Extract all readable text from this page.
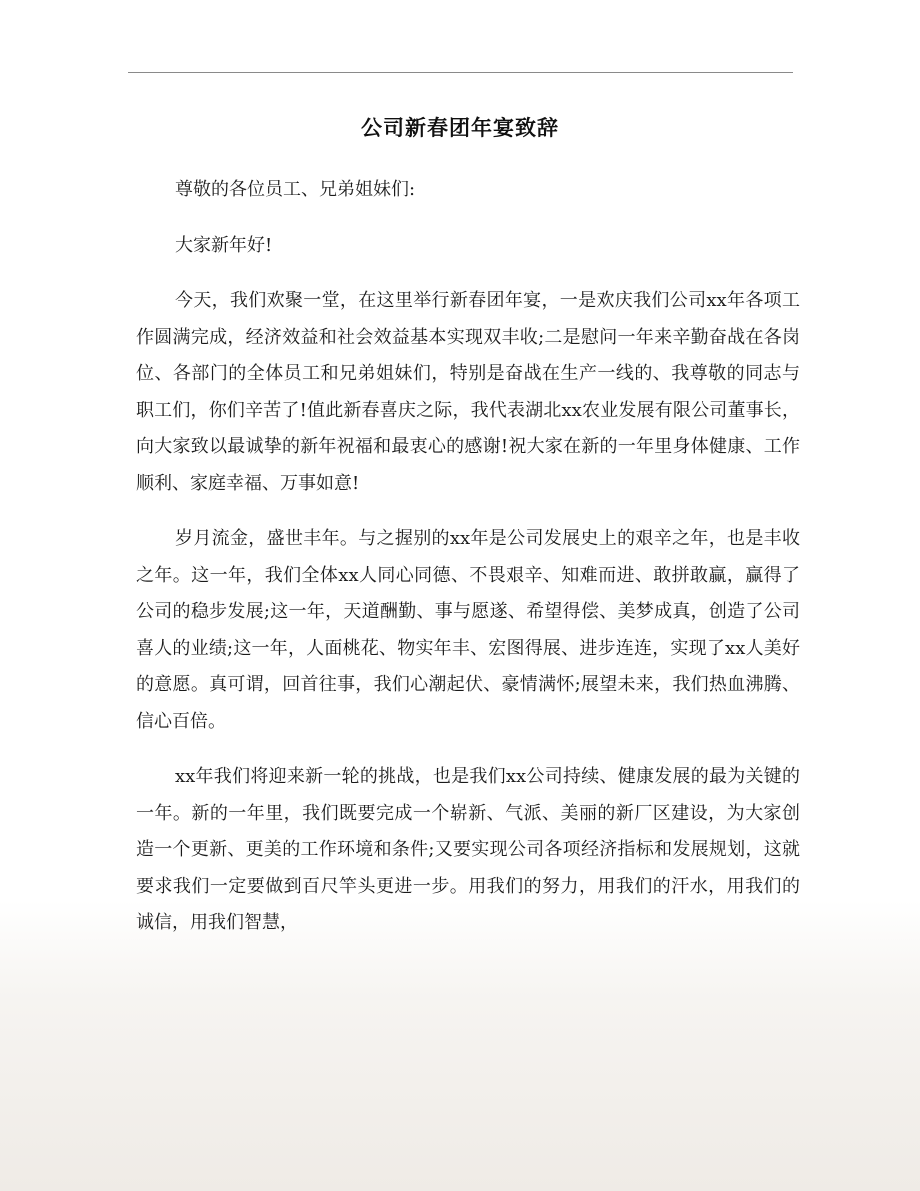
公司新春团年宴致辞

尊敬的各位员工、兄弟姐妹们:

大家新年好!

今天，我们欢聚一堂，在这里举行新春团年宴，一是欢庆我们公司xx年各项工作圆满完成，经济效益和社会效益基本实现双丰收;二是慰问一年来辛勤奋战在各岗位、各部门的全体员工和兄弟姐妹们，特别是奋战在生产一线的、我尊敬的同志与职工们，你们辛苦了!值此新春喜庆之际，我代表湖北xx农业发展有限公司董事长，向大家致以最诚挚的新年祝福和最衷心的感谢!祝大家在新的一年里身体健康、工作顺利、家庭幸福、万事如意!

岁月流金，盛世丰年。与之握别的xx年是公司发展史上的艰辛之年，也是丰收之年。这一年，我们全体xx人同心同德、不畏艰辛、知难而进、敢拼敢赢，赢得了公司的稳步发展;这一年，天道酬勤、事与愿遂、希望得偿、美梦成真，创造了公司喜人的业绩;这一年，人面桃花、物实年丰、宏图得展、进步连连，实现了xx人美好的意愿。真可谓，回首往事，我们心潮起伏、豪情满怀;展望未来，我们热血沸腾、信心百倍。

xx年我们将迎来新一轮的挑战，也是我们xx公司持续、健康发展的最为关键的一年。新的一年里，我们既要完成一个崭新、气派、美丽的新厂区建设，为大家创造一个更新、更美的工作环境和条件;又要实现公司各项经济指标和发展规划，这就要求我们一定要做到百尺竿头更进一步。用我们的努力，用我们的汗水，用我们的诚信，用我们智慧，
